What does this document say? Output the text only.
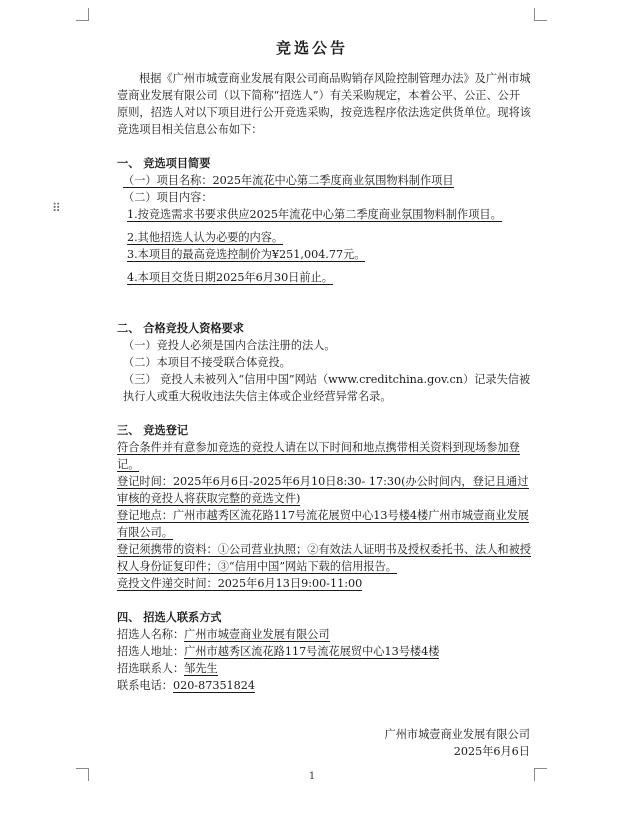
⠿
竞选公告

根据《广州市城壹商业发展有限公司商品购销存风险控制管理办法》及广州市城壹商业发展有限公司（以下简称“招选人”）有关采购规定，本着公平、公正、公开原则，招选人对以下项目进行公开竞选采购，按竞选程序依法选定供货单位。现将该竞选项目相关信息公布如下：

一、 竞选项目简要

（一）项目名称：2025年流花中心第二季度商业氛围物料制作项目

（二）项目内容：

1.按竞选需求书要求供应2025年流花中心第二季度商业氛围物料制作项目。

2.其他招选人认为必要的内容。

3.本项目的最高竞选控制价为¥251,004.77元。

4.本项目交货日期2025年6月30日前止。

二、 合格竞投人资格要求

（一）竞投人必须是国内合法注册的法人。

（二）本项目不接受联合体竞投。

（三） 竞投人未被列入“信用中国”网站（www.creditchina.gov.cn）记录失信被执行人或重大税收违法失信主体或企业经营异常名录。

三、 竞选登记

符合条件并有意参加竞选的竞投人请在以下时间和地点携带相关资料到现场参加登记。

登记时间：2025年6月6日-2025年6月10日8:30- 17:30(办公时间内，登记且通过审核的竞投人将获取完整的竞选文件)

登记地点：广州市越秀区流花路117号流花展贸中心13号楼4楼广州市城壹商业发展有限公司。

登记须携带的资料：①公司营业执照；②有效法人证明书及授权委托书、法人和被授权人身份证复印件；③“信用中国”网站下载的信用报告。

竞投文件递交时间：2025年6月13日9:00-11:00

四、 招选人联系方式

招选人名称：广州市城壹商业发展有限公司

招选人地址：广州市越秀区流花路117号流花展贸中心13号楼4楼

招选联系人：邹先生

联系电话：020-87351824

广州市城壹商业发展有限公司

2025年6月6日

1
